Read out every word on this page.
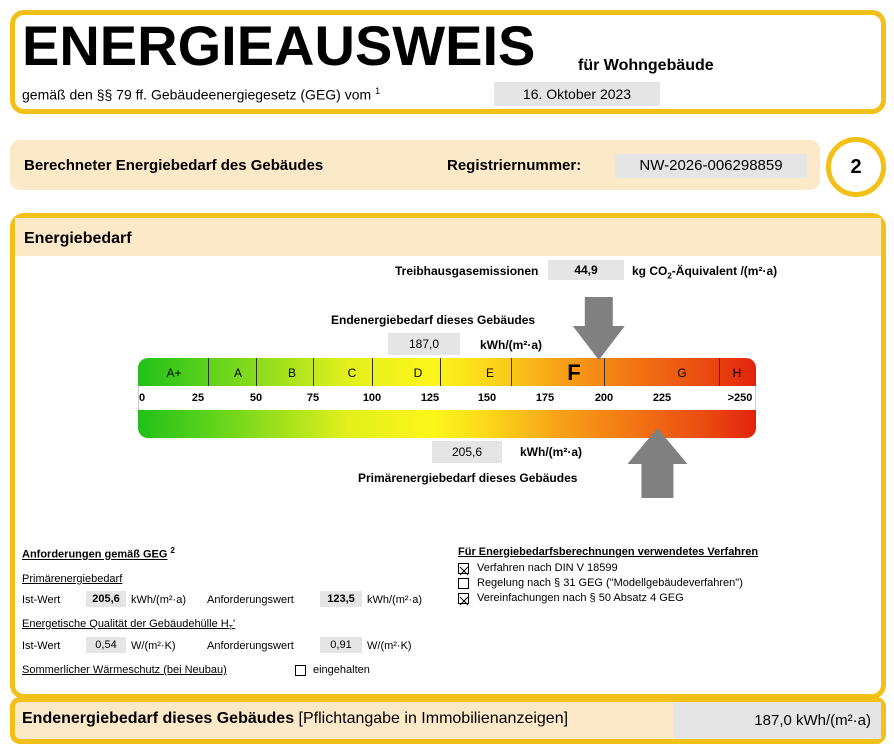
ENERGIEAUSWEIS	für Wohngebäude
gemäß den §§ 79 ff. Gebäudeenergiegesetz (GEG) vom $^1$	16. Oktober 2023
Berechneter Energiebedarf des Gebäudes	Registriernummer:	NW-2026-006298859	2
Energiebedarf
Treibhausgasemissionen	44,9	kg $CO_2$-Äquivalent /(m²·a)
Endenergiebedarf dieses Gebäudes
187,0	kWh/(m²·a)
A+	A	B	C	D	E	F	G	H
0	25	50	75	100	125	150	175	200	225	>250
205,6	kWh/(m²·a)
Primärenergiebedarf dieses Gebäudes
Anforderungen gemäß GEG $^2$
Primärenergiebedarf
Ist-Wert	205,6	kWh/(m²·a) Anforderungswert	123,5	kWh/(m²·a)
Energetische Qualität der Gebäudehülle $H_T'$
Ist-Wert	0,54	W/(m²·K)	Anforderungswert	0,91	W/(m²·K)
Sommerlicher Wärmeschutz (bei Neubau)	eingehalten
Für Energiebedarfsberechnungen verwendetes Verfahren
Verfahren nach DIN V 18599
Regelung nach § 31 GEG ("Modellgebäudeverfahren")
Vereinfachungen nach § 50 Absatz 4 GEG
Endenergiebedarf dieses Gebäudes [Pflichtangabe in Immobilienanzeigen]	187,0 kWh/(m²·a)
